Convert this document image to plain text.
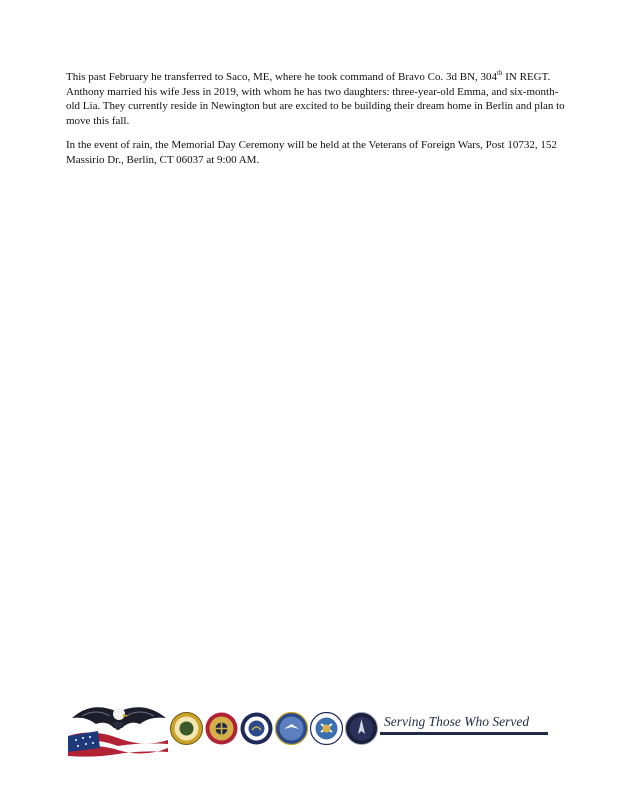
This past February he transferred to Saco, ME, where he took command of Bravo Co. 3d BN, 304th IN REGT. Anthony married his wife Jess in 2019, with whom he has two daughters: three-year-old Emma, and six-month-old Lia. They currently reside in Newington but are excited to be building their dream home in Berlin and plan to move this fall.

In the event of rain, the Memorial Day Ceremony will be held at the Veterans of Foreign Wars, Post 10732, 152 Massirio Dr., Berlin, CT 06037 at 9:00 AM.

Serving Those Who Served
